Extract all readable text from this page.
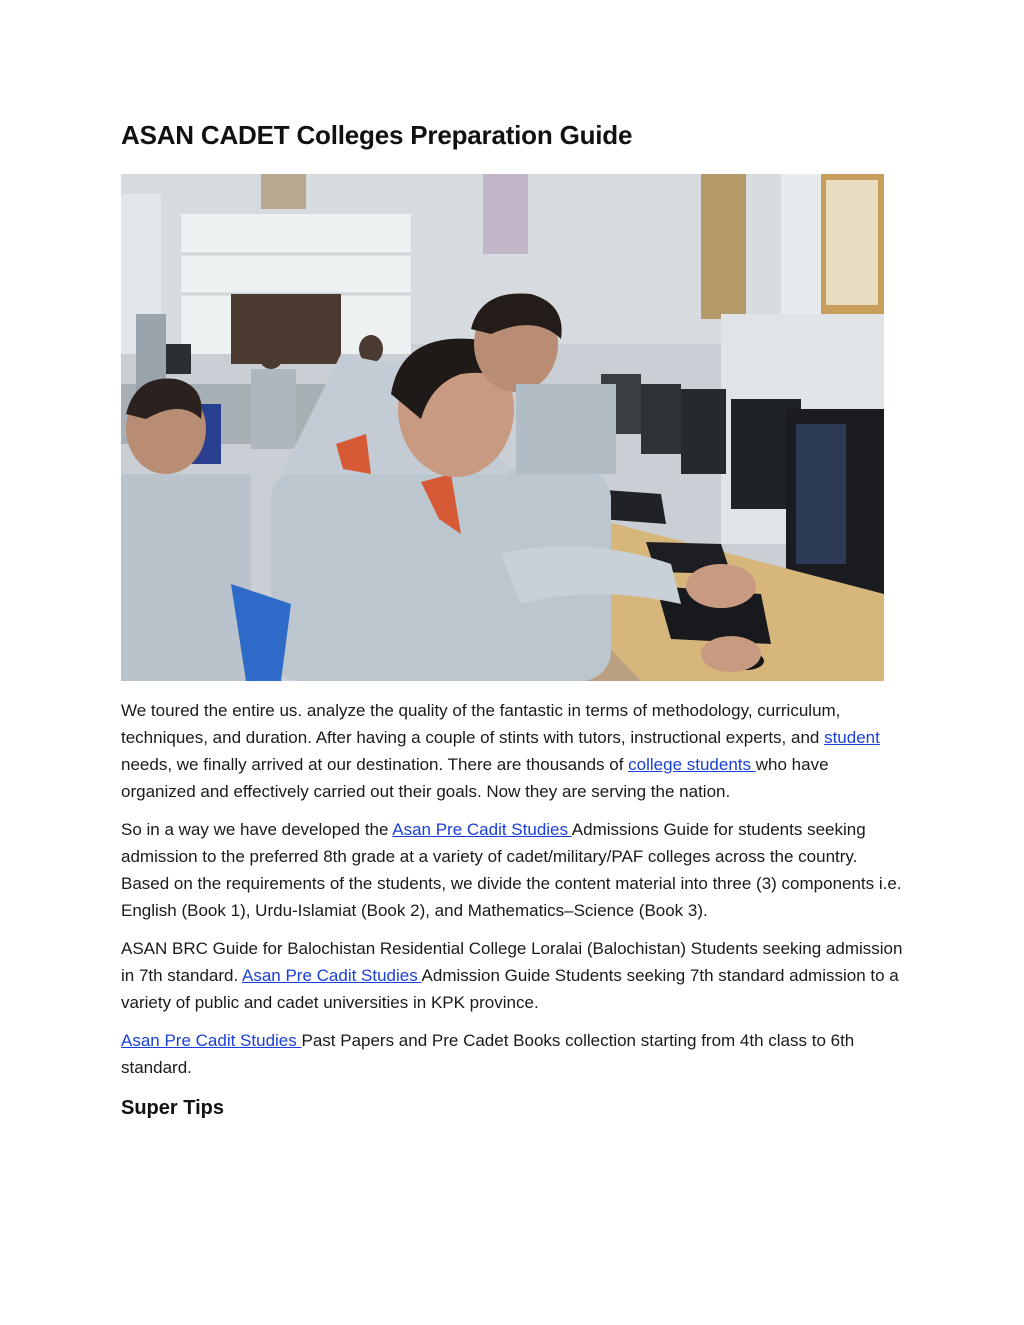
ASAN CADET Colleges Preparation Guide

We toured the entire us. analyze the quality of the fantastic in terms of methodology, curriculum, techniques, and duration. After having a couple of stints with tutors, instructional experts, and student needs, we finally arrived at our destination. There are thousands of college students who have organized and effectively carried out their goals. Now they are serving the nation.

So in a way we have developed the Asan Pre Cadit Studies Admissions Guide for students seeking admission to the preferred 8th grade at a variety of cadet/military/PAF colleges across the country. Based on the requirements of the students, we divide the content material into three (3) components i.e. English (Book 1), Urdu-Islamiat (Book 2), and Mathematics–Science (Book 3).

ASAN BRC Guide for Balochistan Residential College Loralai (Balochistan) Students seeking admission in 7th standard. Asan Pre Cadit Studies Admission Guide Students seeking 7th standard admission to a variety of public and cadet universities in KPK province.

Asan Pre Cadit Studies Past Papers and Pre Cadet Books collection starting from 4th class to 6th standard.

Super Tips
